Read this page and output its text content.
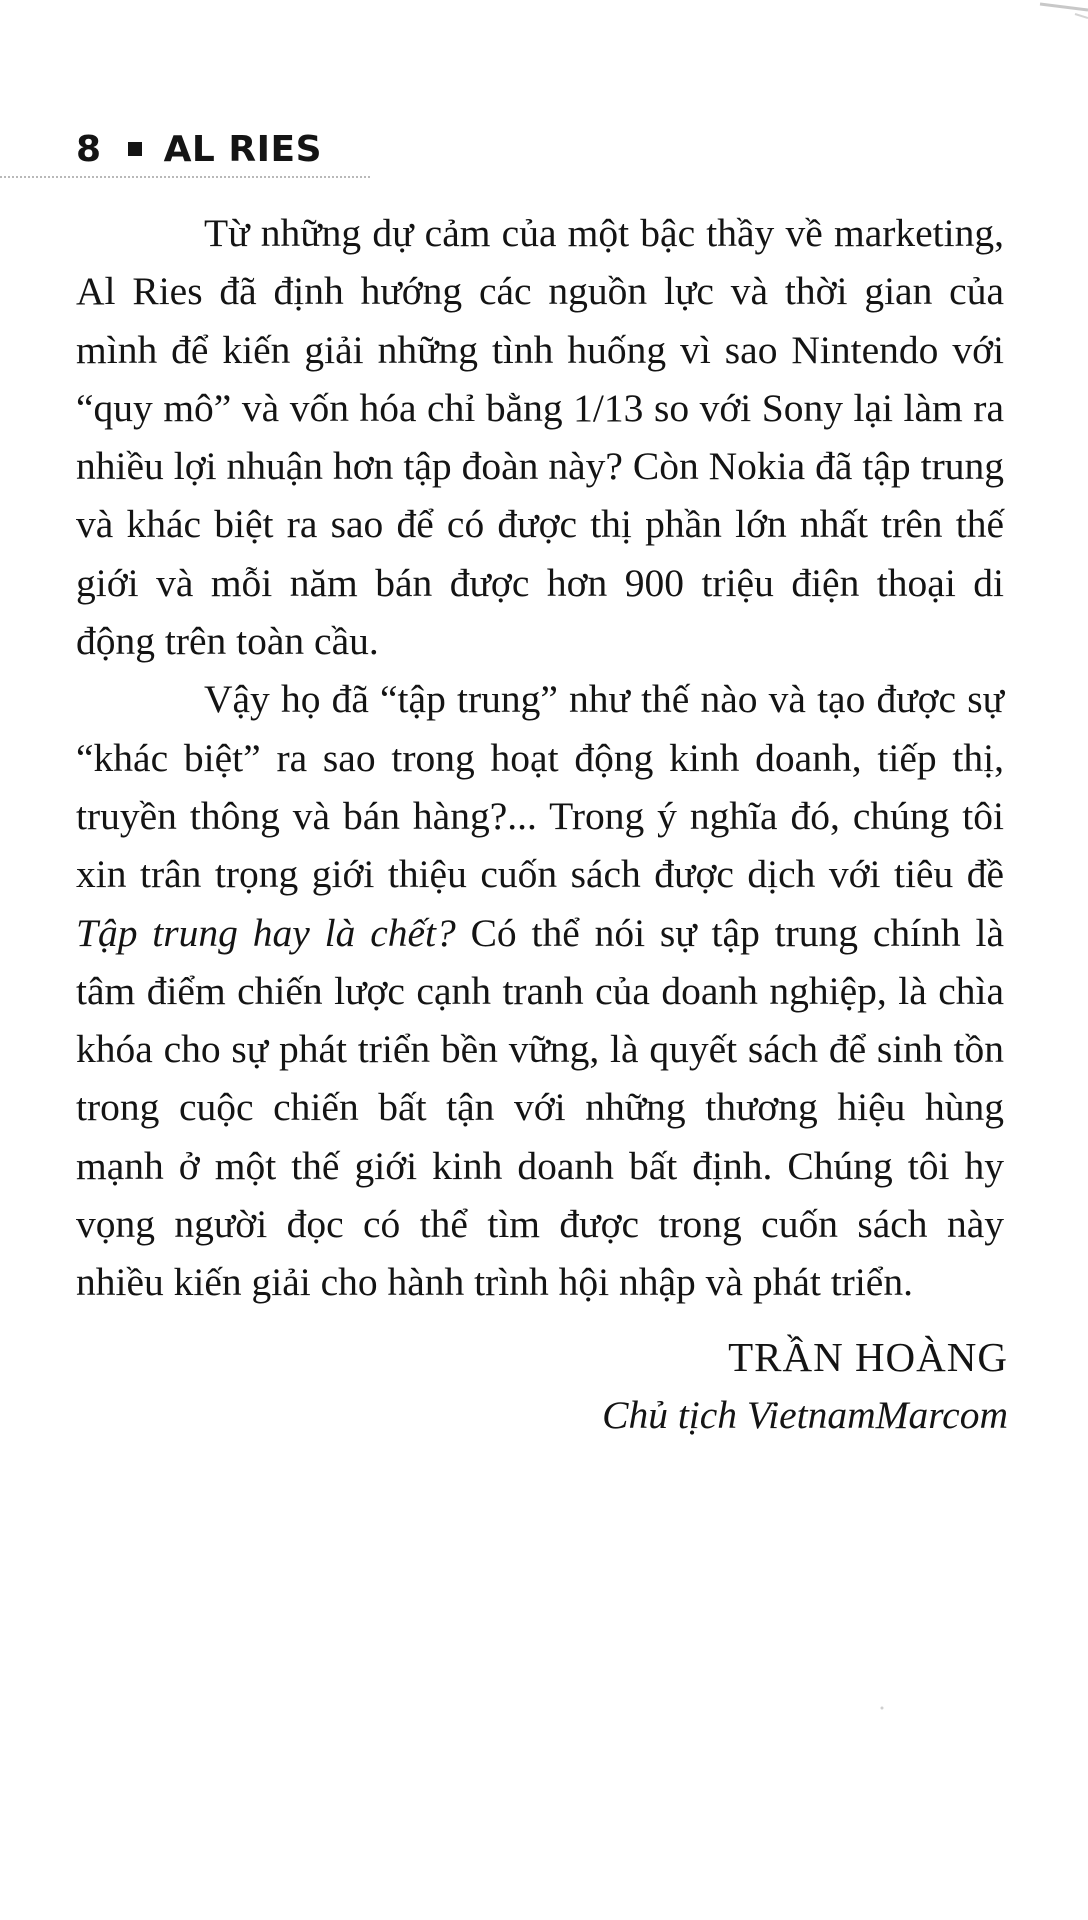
8 AL RIES

Từ những dự cảm của một bậc thầy về marketing, Al Ries đã định hướng các nguồn lực và thời gian của mình để kiến giải những tình huống vì sao Nintendo với “quy mô” và vốn hóa chỉ bằng 1/13 so với Sony lại làm ra nhiều lợi nhuận hơn tập đoàn này? Còn Nokia đã tập trung và khác biệt ra sao để có được thị phần lớn nhất trên thế giới và mỗi năm bán được hơn 900 triệu điện thoại di động trên toàn cầu.

Vậy họ đã “tập trung” như thế nào và tạo được sự “khác biệt” ra sao trong hoạt động kinh doanh, tiếp thị, truyền thông và bán hàng?... Trong ý nghĩa đó, chúng tôi xin trân trọng giới thiệu cuốn sách được dịch với tiêu đề Tập trung hay là chết? Có thể nói sự tập trung chính là tâm điểm chiến lược cạnh tranh của doanh nghiệp, là chìa khóa cho sự phát triển bền vững, là quyết sách để sinh tồn trong cuộc chiến bất tận với những thương hiệu hùng mạnh ở một thế giới kinh doanh bất định. Chúng tôi hy vọng người đọc có thể tìm được trong cuốn sách này nhiều kiến giải cho hành trình hội nhập và phát triển.

TRẦN HOÀNG
Chủ tịch VietnamMarcom
